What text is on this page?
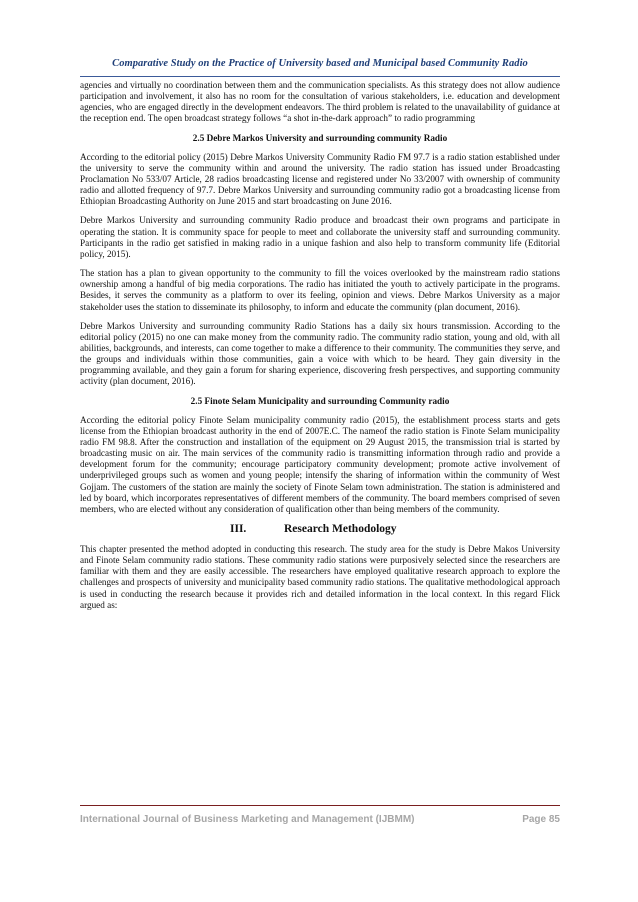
Comparative Study on the Practice of University based and Municipal based Community Radio

agencies and virtually no coordination between them and the communication specialists. As this strategy does not allow audience participation and involvement, it also has no room for the consultation of various stakeholders, i.e. education and development agencies, who are engaged directly in the development endeavors. The third problem is related to the unavailability of guidance at the reception end. The open broadcast strategy follows “a shot in-the-dark approach” to radio programming

2.5 Debre Markos University and surrounding community Radio

According to the editorial policy (2015) Debre Markos University Community Radio FM 97.7 is a radio station established under the university to serve the community within and around the university. The radio station has issued under Broadcasting Proclamation No 533/07 Article, 28 radios broadcasting license and registered under No 33/2007 with ownership of community radio and allotted frequency of 97.7. Debre Markos University and surrounding community radio got a broadcasting license from Ethiopian Broadcasting Authority on June 2015 and start broadcasting on June 2016.

Debre Markos University and surrounding community Radio produce and broadcast their own programs and participate in operating the station. It is community space for people to meet and collaborate the university staff and surrounding community. Participants in the radio get satisfied in making radio in a unique fashion and also help to transform community life (Editorial policy, 2015).

The station has a plan to givean opportunity to the community to fill the voices overlooked by the mainstream radio stations ownership among a handful of big media corporations. The radio has initiated the youth to actively participate in the programs. Besides, it serves the community as a platform to over its feeling, opinion and views. Debre Markos University as a major stakeholder uses the station to disseminate its philosophy, to inform and educate the community (plan document, 2016).

Debre Markos University and surrounding community Radio Stations has a daily six hours transmission. According to the editorial policy (2015) no one can make money from the community radio. The community radio station, young and old, with all abilities, backgrounds, and interests, can come together to make a difference to their community. The communities they serve, and the groups and individuals within those communities, gain a voice with which to be heard. They gain diversity in the programming available, and they gain a forum for sharing experience, discovering fresh perspectives, and supporting community activity (plan document, 2016).

2.5 Finote Selam Municipality and surrounding Community radio

According the editorial policy Finote Selam municipality community radio (2015), the establishment process starts and gets license from the Ethiopian broadcast authority in the end of 2007E.C. The nameof the radio station is Finote Selam municipality radio FM 98.8. After the construction and installation of the equipment on 29 August 2015, the transmission trial is started by broadcasting music on air. The main services of the community radio is transmitting information through radio and provide a development forum for the community; encourage participatory community development; promote active involvement of underprivileged groups such as women and young people; intensify the sharing of information within the community of West Gojjam. The customers of the station are mainly the society of Finote Selam town administration. The station is administered and led by board, which incorporates representatives of different members of the community. The board members comprised of seven members, who are elected without any consideration of qualification other than being members of the community.

III.	Research Methodology

This chapter presented the method adopted in conducting this research. The study area for the study is Debre Makos University and Finote Selam community radio stations. These community radio stations were purposively selected since the researchers are familiar with them and they are easily accessible. The researchers have employed qualitative research approach to explore the challenges and prospects of university and municipality based community radio stations. The qualitative methodological approach is used in conducting the research because it provides rich and detailed information in the local context. In this regard Flick argued as:

International Journal of Business Marketing and Management (IJBMM)	Page 85
